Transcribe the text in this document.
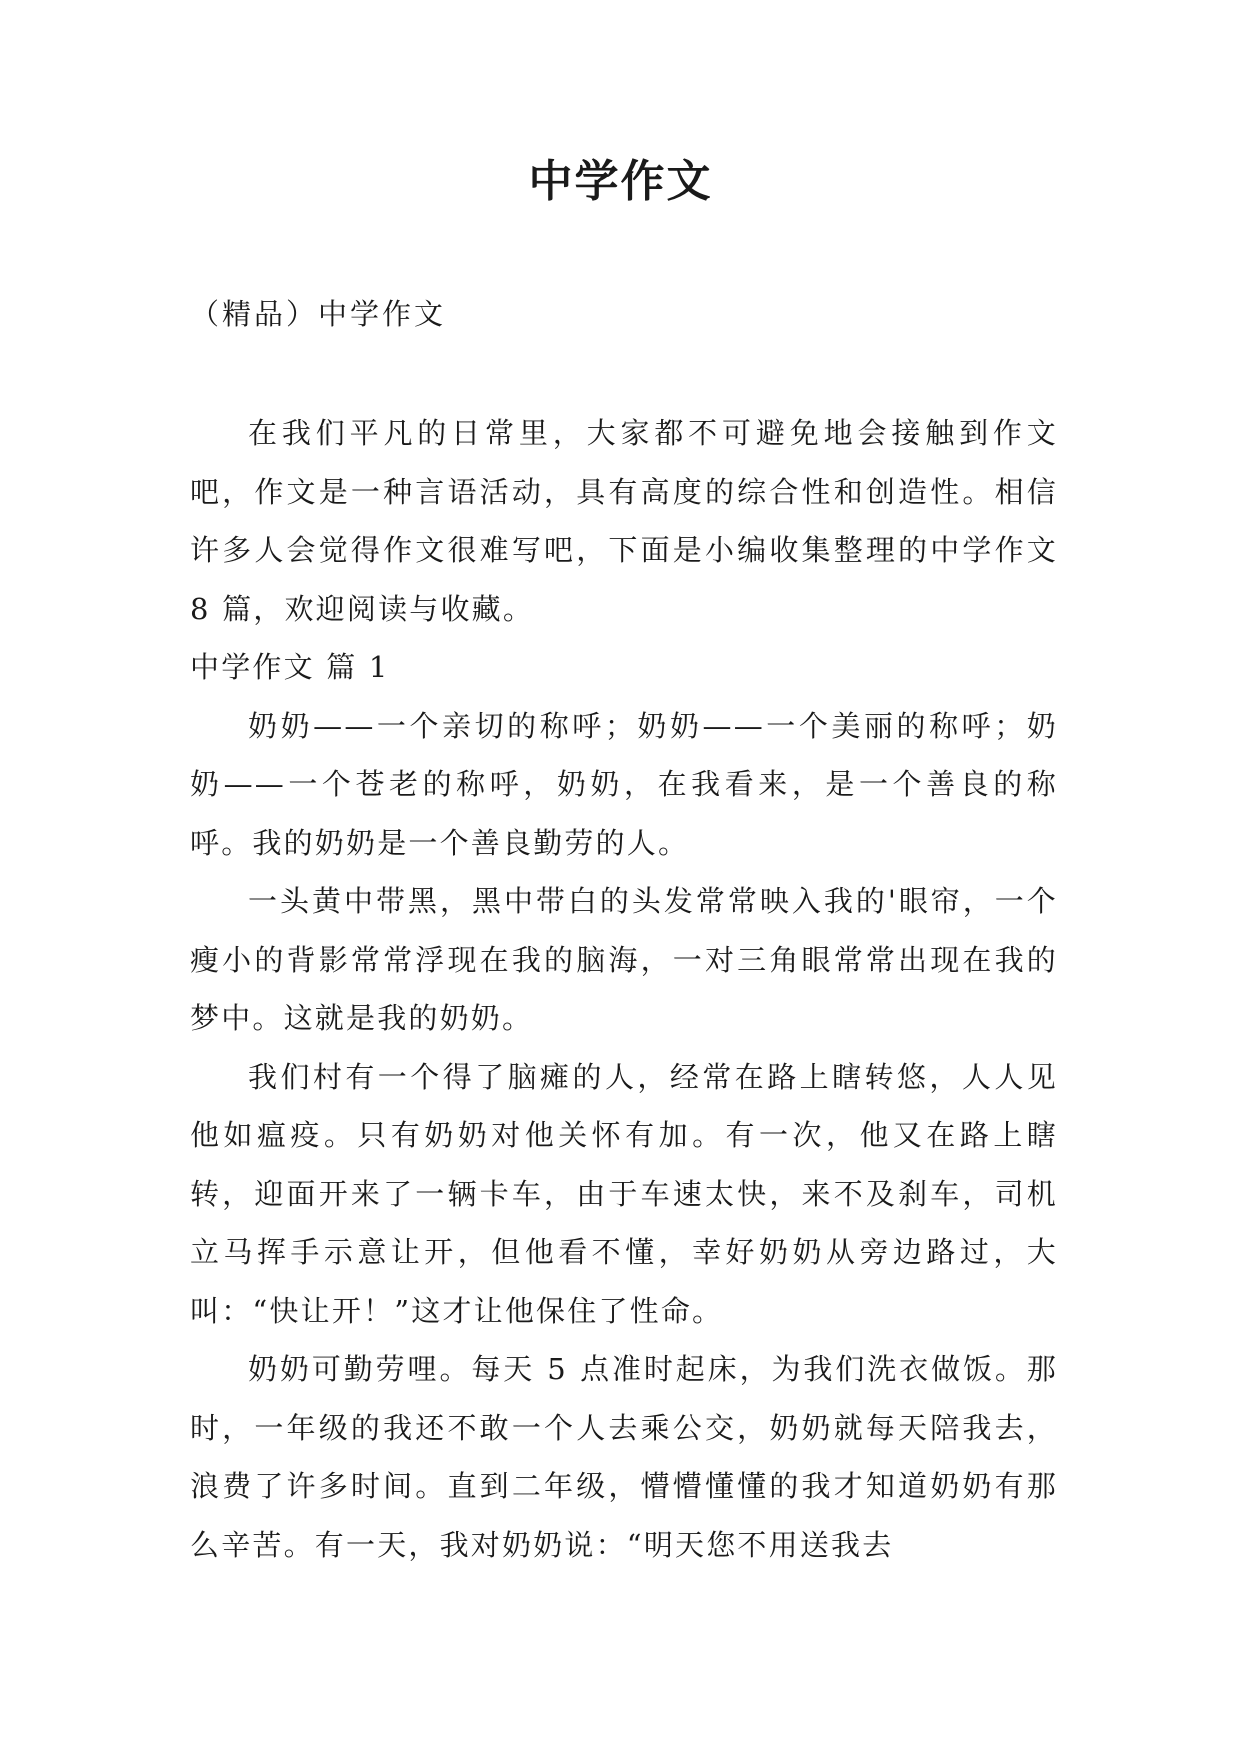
中学作文

（精品）中学作文

在我们平凡的日常里，大家都不可避免地会接触到作文吧，作文是一种言语活动，具有高度的综合性和创造性。相信许多人会觉得作文很难写吧，下面是小编收集整理的中学作文 8 篇，欢迎阅读与收藏。

中学作文 篇 1

奶奶——一个亲切的称呼；奶奶——一个美丽的称呼；奶奶——一个苍老的称呼，奶奶，在我看来，是一个善良的称呼。我的奶奶是一个善良勤劳的人。

一头黄中带黑，黑中带白的头发常常映入我的'眼帘，一个瘦小的背影常常浮现在我的脑海，一对三角眼常常出现在我的梦中。这就是我的奶奶。

我们村有一个得了脑瘫的人，经常在路上瞎转悠，人人见他如瘟疫。只有奶奶对他关怀有加。有一次，他又在路上瞎转，迎面开来了一辆卡车，由于车速太快，来不及刹车，司机立马挥手示意让开，但他看不懂，幸好奶奶从旁边路过，大叫：“快让开！”这才让他保住了性命。

奶奶可勤劳哩。每天 5 点准时起床，为我们洗衣做饭。那时，一年级的我还不敢一个人去乘公交，奶奶就每天陪我去，浪费了许多时间。直到二年级，懵懵懂懂的我才知道奶奶有那么辛苦。有一天，我对奶奶说：“明天您不用送我去
